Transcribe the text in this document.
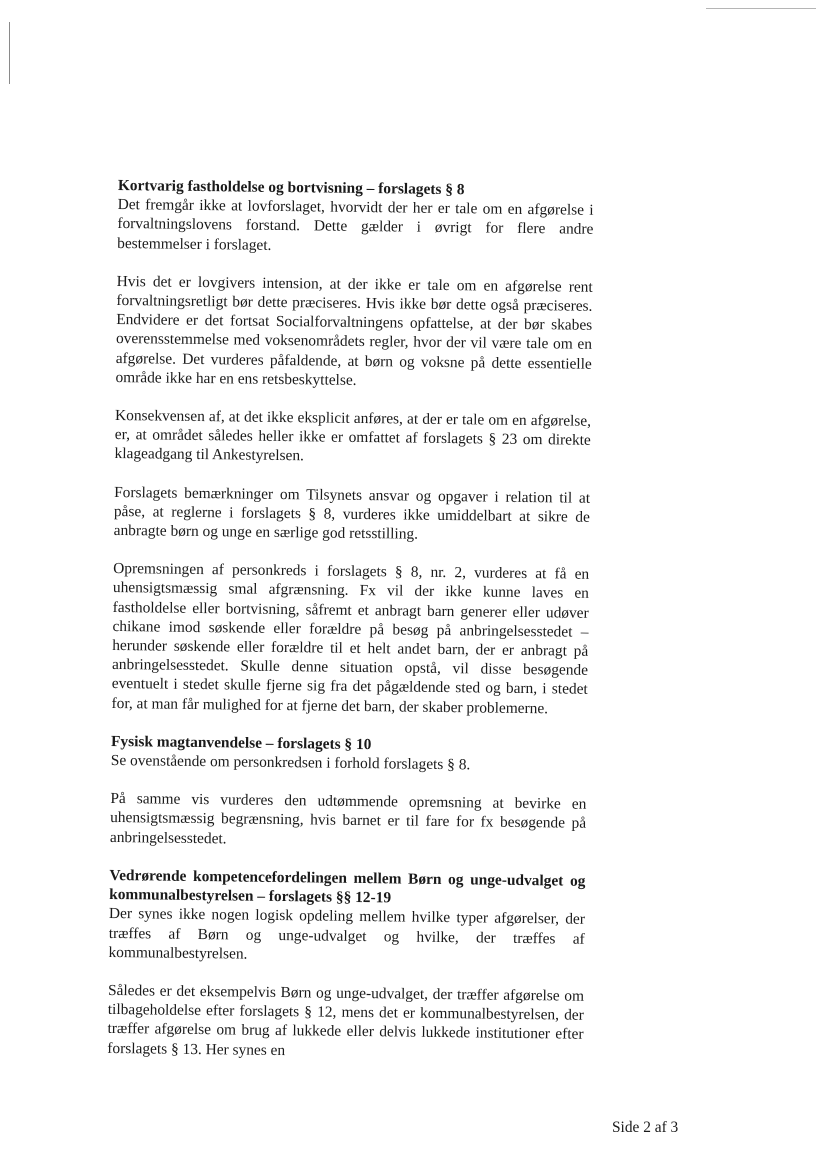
Kortvarig fastholdelse og bortvisning – forslagets § 8

Det fremgår ikke at lovforslaget, hvorvidt der her er tale om en afgørelse i forvaltningslovens forstand. Dette gælder i øvrigt for flere andre bestemmelser i forslaget.

Hvis det er lovgivers intension, at der ikke er tale om en afgørelse rent forvaltningsretligt bør dette præciseres. Hvis ikke bør dette også præciseres. Endvidere er det fortsat Socialforvaltningens opfattelse, at der bør skabes overensstemmelse med voksenområdets regler, hvor der vil være tale om en afgørelse. Det vurderes påfaldende, at børn og voksne på dette essentielle område ikke har en ens retsbeskyttelse.

Konsekvensen af, at det ikke eksplicit anføres, at der er tale om en afgørelse, er, at området således heller ikke er omfattet af forslagets § 23 om direkte klageadgang til Ankestyrelsen.

Forslagets bemærkninger om Tilsynets ansvar og opgaver i relation til at påse, at reglerne i forslagets § 8, vurderes ikke umiddelbart at sikre de anbragte børn og unge en særlige god retsstilling.

Opremsningen af personkreds i forslagets § 8, nr. 2, vurderes at få en uhensigtsmæssig smal afgrænsning. Fx vil der ikke kunne laves en fastholdelse eller bortvisning, såfremt et anbragt barn generer eller udøver chikane imod søskende eller forældre på besøg på anbringelsesstedet – herunder søskende eller forældre til et helt andet barn, der er anbragt på anbringelsesstedet. Skulle denne situation opstå, vil disse besøgende eventuelt i stedet skulle fjerne sig fra det pågældende sted og barn, i stedet for, at man får mulighed for at fjerne det barn, der skaber problemerne.

Fysisk magtanvendelse – forslagets § 10

Se ovenstående om personkredsen i forhold forslagets § 8.

På samme vis vurderes den udtømmende opremsning at bevirke en uhensigtsmæssig begrænsning, hvis barnet er til fare for fx besøgende på anbringelsesstedet.

Vedrørende kompetencefordelingen mellem Børn og unge-udvalget og kommunalbestyrelsen – forslagets §§ 12-19

Der synes ikke nogen logisk opdeling mellem hvilke typer afgørelser, der træffes af Børn og unge-udvalget og hvilke, der træffes af kommunalbestyrelsen.

Således er det eksempelvis Børn og unge-udvalget, der træffer afgørelse om tilbageholdelse efter forslagets § 12, mens det er kommunalbestyrelsen, der træffer afgørelse om brug af lukkede eller delvis lukkede institutioner efter forslagets § 13. Her synes en

Side 2 af 3
